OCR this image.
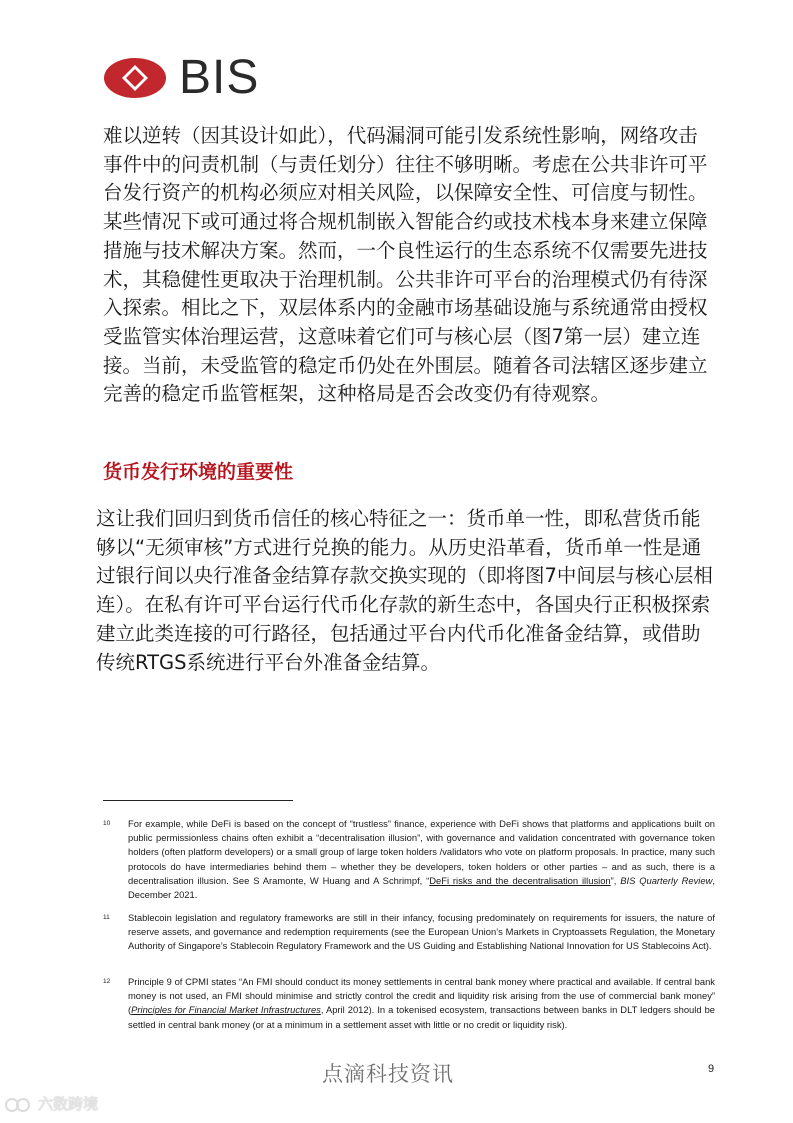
BIS

难以逆转（因其设计如此），代码漏洞可能引发系统性影响，网络攻击事件中的问责机制（与责任划分）往往不够明晰。考虑在公共非许可平台发行资产的机构必须应对相关风险，以保障安全性、可信度与韧性。某些情况下或可通过将合规机制嵌入智能合约或技术栈本身来建立保障措施与技术解决方案。然而，一个良性运行的生态系统不仅需要先进技术，其稳健性更取决于治理机制。公共非许可平台的治理模式仍有待深入探索。相比之下，双层体系内的金融市场基础设施与系统通常由授权受监管实体治理运营，这意味着它们可与核心层（图7第一层）建立连接。当前，未受监管的稳定币仍处在外围层。随着各司法辖区逐步建立完善的稳定币监管框架，这种格局是否会改变仍有待观察。

货币发行环境的重要性

这让我们回归到货币信任的核心特征之一：货币单一性，即私营货币能够以“无须审核”方式进行兑换的能力。从历史沿革看，货币单一性是通过银行间以央行准备金结算存款交换实现的（即将图7中间层与核心层相连）。在私有许可平台运行代币化存款的新生态中，各国央行正积极探索建立此类连接的可行路径，包括通过平台内代币化准备金结算，或借助传统RTGS系统进行平台外准备金结算。

10 For example, while DeFi is based on the concept of “trustless” finance, experience with DeFi shows that platforms and applications built on public permissionless chains often exhibit a “decentralisation illusion”, with governance and validation concentrated with governance token holders (often platform developers) or a small group of large token holders /validators who vote on platform proposals. In practice, many such protocols do have intermediaries behind them – whether they be developers, token holders or other parties – and as such, there is a decentralisation illusion. See S Aramonte, W Huang and A Schrimpf, “DeFi risks and the decentralisation illusion”, BIS Quarterly Review, December 2021.
11 Stablecoin legislation and regulatory frameworks are still in their infancy, focusing predominately on requirements for issuers, the nature of reserve assets, and governance and redemption requirements (see the European Union’s Markets in Cryptoassets Regulation, the Monetary Authority of Singapore’s Stablecoin Regulatory Framework and the US Guiding and Establishing National Innovation for US Stablecoins Act).
12 Principle 9 of CPMI states “An FMI should conduct its money settlements in central bank money where practical and available. If central bank money is not used, an FMI should minimise and strictly control the credit and liquidity risk arising from the use of commercial bank money” (Principles for Financial Market Infrastructures, April 2012). In a tokenised ecosystem, transactions between banks in DLT ledgers should be settled in central bank money (or at a minimum in a settlement asset with little or no credit or liquidity risk).
点滴科技资讯	9
六数跨境
